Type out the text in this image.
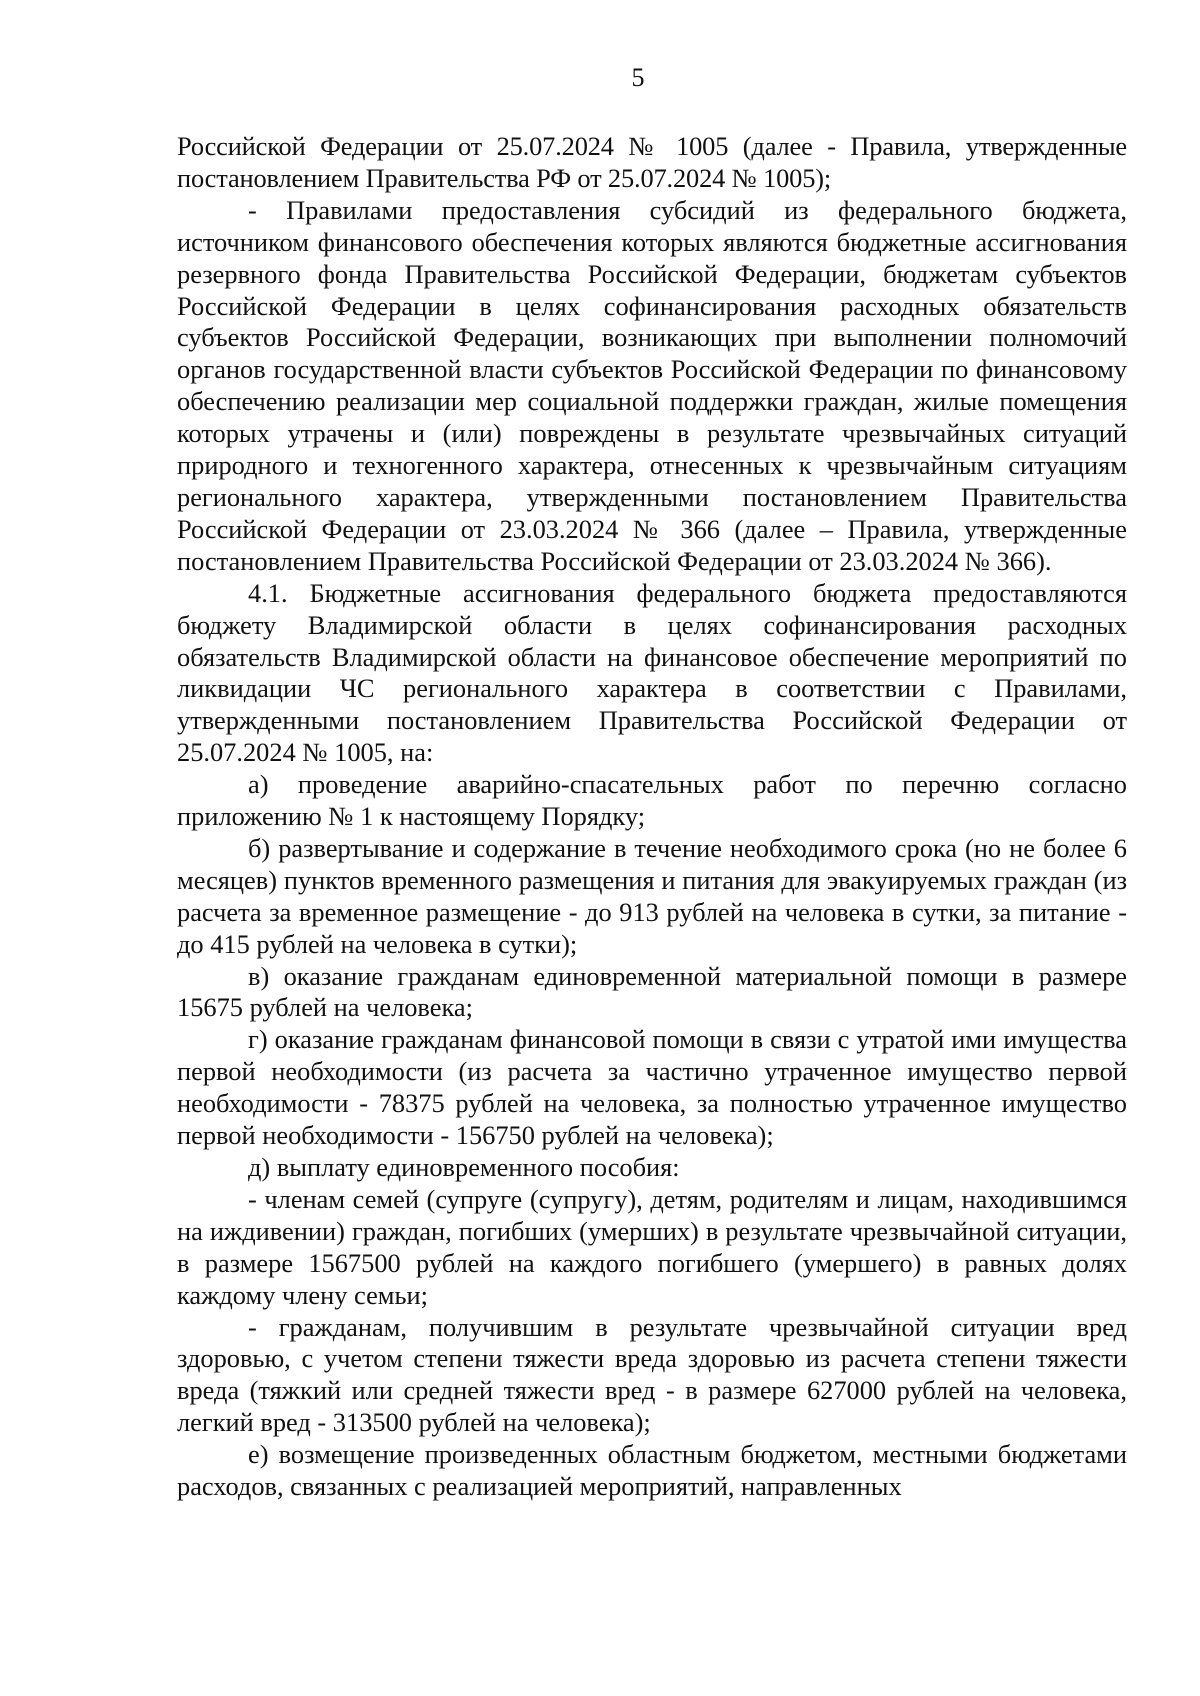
5

Российской Федерации от 25.07.2024 № 1005 (далее - Правила, утвержденные постановлением Правительства РФ от 25.07.2024 № 1005);

- Правилами предоставления субсидий из федерального бюджета, источником финансового обеспечения которых являются бюджетные ассигнования резервного фонда Правительства Российской Федерации, бюджетам субъектов Российской Федерации в целях софинансирования расходных обязательств субъектов Российской Федерации, возникающих при выполнении полномочий органов государственной власти субъектов Российской Федерации по финансовому обеспечению реализации мер социальной поддержки граждан, жилые помещения которых утрачены и (или) повреждены в результате чрезвычайных ситуаций природного и техногенного характера, отнесенных к чрезвычайным ситуациям регионального характера, утвержденными постановлением Правительства Российской Федерации от 23.03.2024 № 366 (далее – Правила, утвержденные постановлением Правительства Российской Федерации от 23.03.2024 № 366).

4.1. Бюджетные ассигнования федерального бюджета предоставляются бюджету Владимирской области в целях софинансирования расходных обязательств Владимирской области на финансовое обеспечение мероприятий по ликвидации ЧС регионального характера в соответствии с Правилами, утвержденными постановлением Правительства Российской Федерации от 25.07.2024 № 1005, на:

а) проведение аварийно-спасательных работ по перечню согласно приложению № 1 к настоящему Порядку;

б) развертывание и содержание в течение необходимого срока (но не более 6 месяцев) пунктов временного размещения и питания для эвакуируемых граждан (из расчета за временное размещение - до 913 рублей на человека в сутки, за питание - до 415 рублей на человека в сутки);

в) оказание гражданам единовременной материальной помощи в размере 15675 рублей на человека;

г) оказание гражданам финансовой помощи в связи с утратой ими имущества первой необходимости (из расчета за частично утраченное имущество первой необходимости - 78375 рублей на человека, за полностью утраченное имущество первой необходимости - 156750 рублей на человека);

д) выплату единовременного пособия:

- членам семей (супруге (супругу), детям, родителям и лицам, находившимся на иждивении) граждан, погибших (умерших) в результате чрезвычайной ситуации, в размере 1567500 рублей на каждого погибшего (умершего) в равных долях каждому члену семьи;

- гражданам, получившим в результате чрезвычайной ситуации вред здоровью, с учетом степени тяжести вреда здоровью из расчета степени тяжести вреда (тяжкий или средней тяжести вред - в размере 627000 рублей на человека, легкий вред - 313500 рублей на человека);

е) возмещение произведенных областным бюджетом, местными бюджетами расходов, связанных с реализацией мероприятий, направленных
